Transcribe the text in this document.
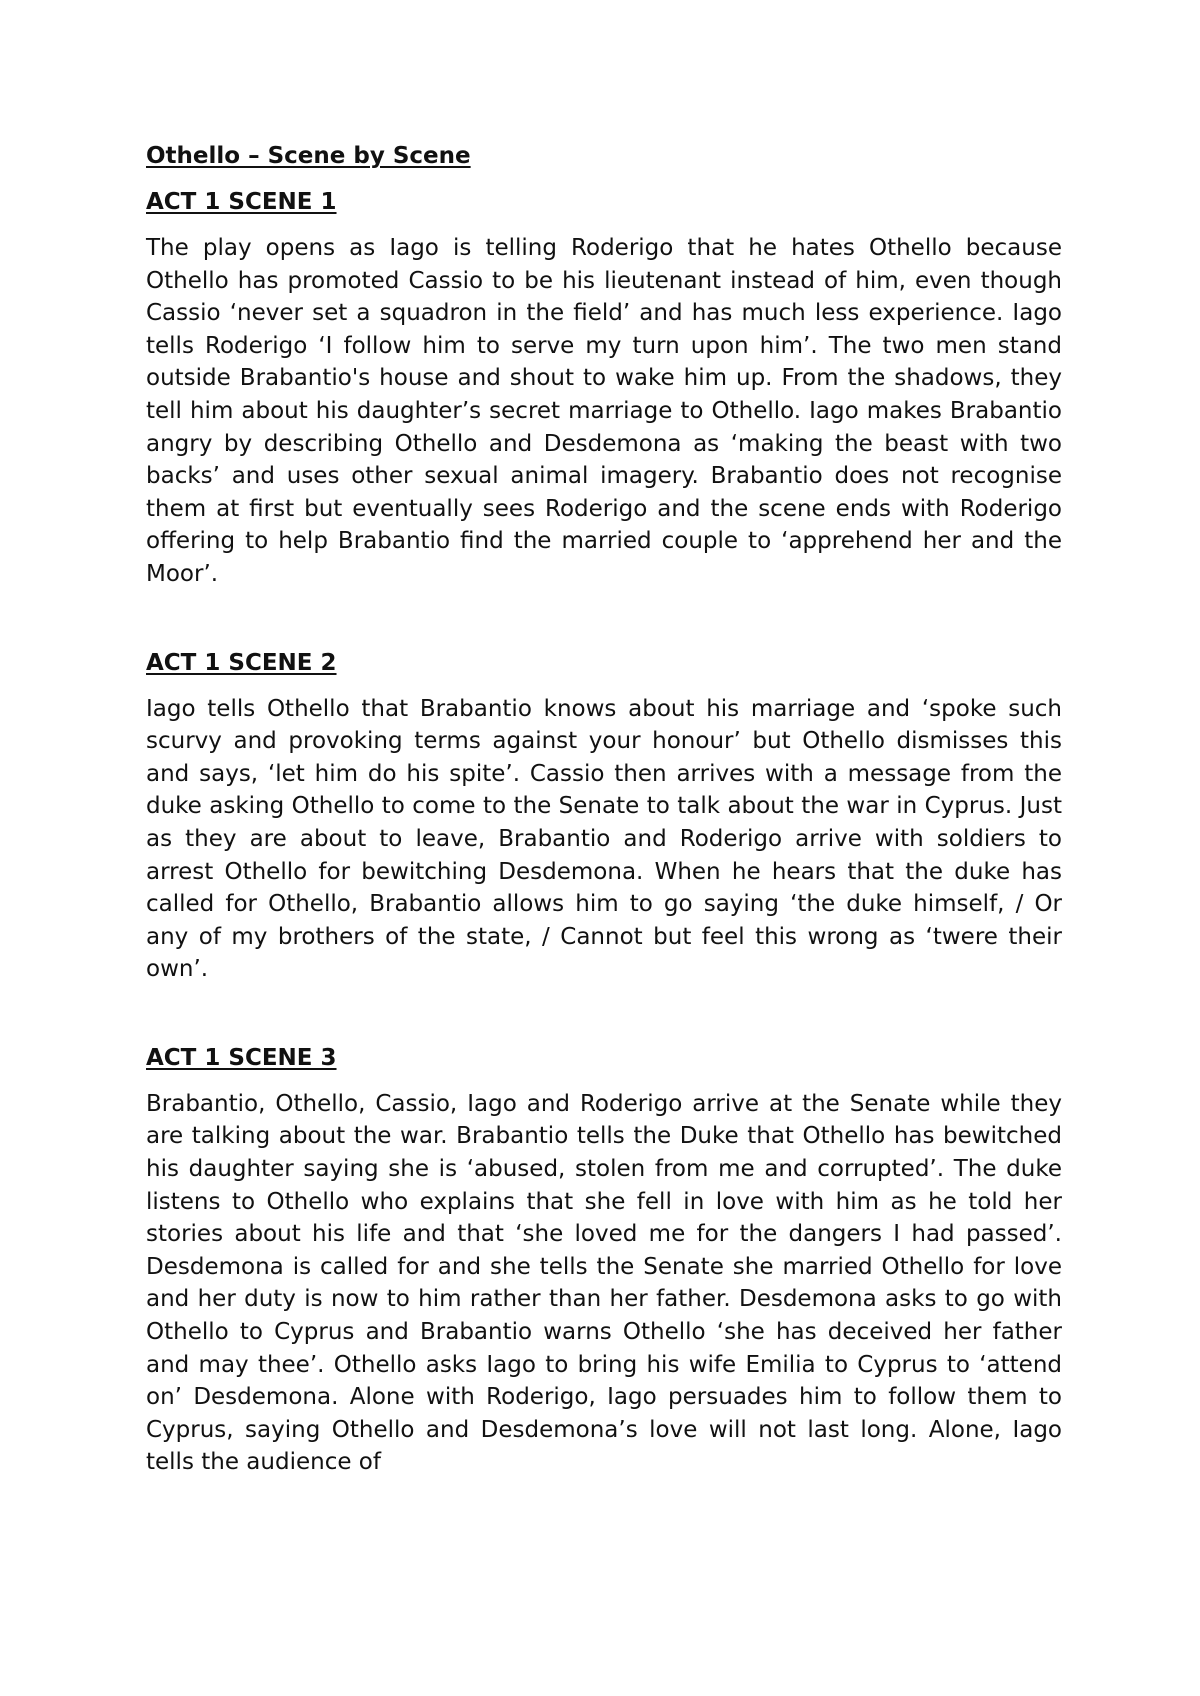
Othello – Scene by Scene
ACT 1 SCENE 1

The play opens as Iago is telling Roderigo that he hates Othello because Othello has promoted Cassio to be his lieutenant instead of him, even though Cassio ‘never set a squadron in the field’ and has much less experience. Iago tells Roderigo ‘I follow him to serve my turn upon him’. The two men stand outside Brabantio's house and shout to wake him up. From the shadows, they tell him about his daughter’s secret marriage to Othello. Iago makes Brabantio angry by describing Othello and Desdemona as ‘making the beast with two backs’ and uses other sexual animal imagery. Brabantio does not recognise them at first but eventually sees Roderigo and the scene ends with Roderigo offering to help Brabantio find the married couple to ‘apprehend her and the Moor’.

ACT 1 SCENE 2

Iago tells Othello that Brabantio knows about his marriage and ‘spoke such scurvy and provoking terms against your honour’ but Othello dismisses this and says, ‘let him do his spite’. Cassio then arrives with a message from the duke asking Othello to come to the Senate to talk about the war in Cyprus. Just as they are about to leave, Brabantio and Roderigo arrive with soldiers to arrest Othello for bewitching Desdemona. When he hears that the duke has called for Othello, Brabantio allows him to go saying ‘the duke himself, / Or any of my brothers of the state, / Cannot but feel this wrong as ‘twere their own’.

ACT 1 SCENE 3

Brabantio, Othello, Cassio, Iago and Roderigo arrive at the Senate while they are talking about the war. Brabantio tells the Duke that Othello has bewitched his daughter saying she is ‘abused, stolen from me and corrupted’. The duke listens to Othello who explains that she fell in love with him as he told her stories about his life and that ‘she loved me for the dangers I had passed’. Desdemona is called for and she tells the Senate she married Othello for love and her duty is now to him rather than her father. Desdemona asks to go with Othello to Cyprus and Brabantio warns Othello ‘she has deceived her father and may thee’. Othello asks Iago to bring his wife Emilia to Cyprus to ‘attend on’ Desdemona. Alone with Roderigo, Iago persuades him to follow them to Cyprus, saying Othello and Desdemona’s love will not last long. Alone, Iago tells the audience of
